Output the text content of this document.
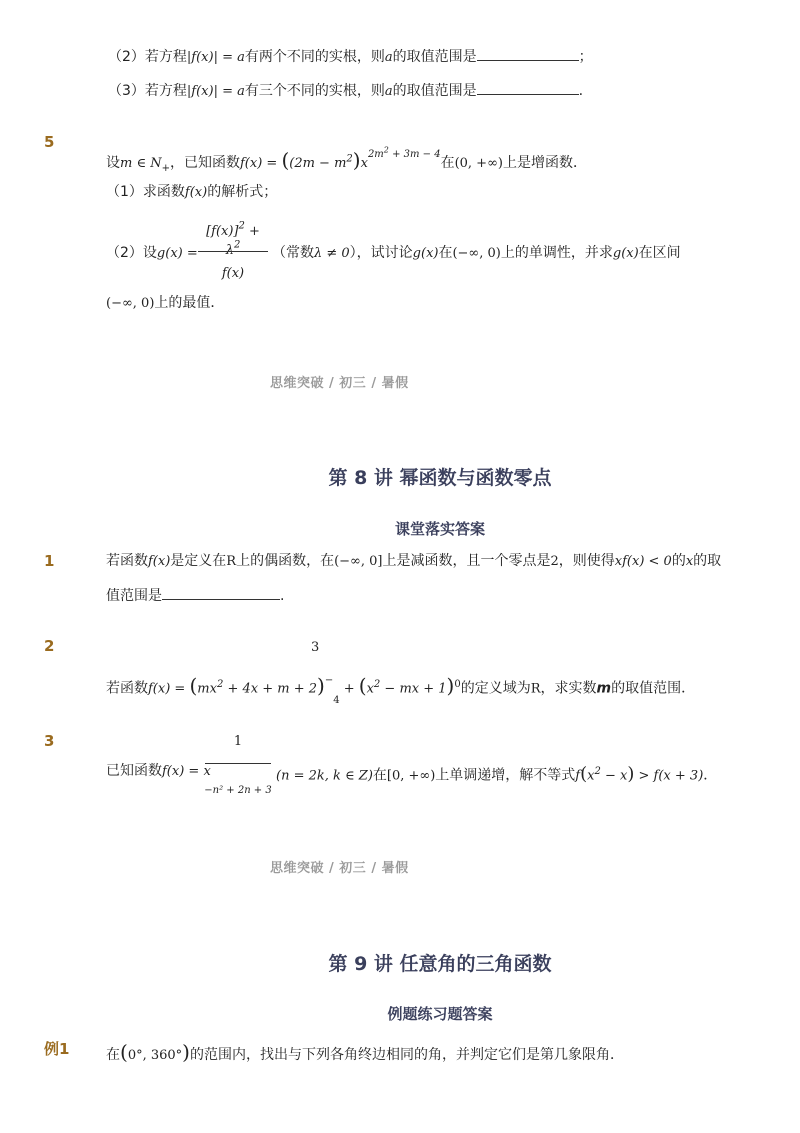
（2）若方程|f(x)| = a有两个不同的实根，则a的取值范围是	；
（3）若方程|f(x)| = a有三个不同的实根，则a的取值范围是	.
5
设m ∈ $N_+$，已知函数$f(x) = ((2m - m^2)x^{2m^2 + 3m - 4}$在(0, +∞)上是增函数．
（1）求函数f(x)的解析式；
$[f(x)]^2 + \lambda^2$
f(x)
（2）设g(x) =	（常数λ ≠ 0），试讨论g(x)在(−∞, 0)上的单调性，并求g(x)在区间
(−∞, 0)上的最值．
思维突破 / 初三 / 暑假
第 8 讲 幂函数与函数零点
课堂落实答案
1	若函数f(x)是定义在R上的偶函数，在(−∞, 0]上是减函数，且一个零点是2，则使得xf(x) < 0的x的取
值范围是	.
2	3
若函数$f(x) = (mx^2 + 4x + m + 2)^-_4 + (x^2$ − mx + 1)$^0$的定义域为R，求实数m的取值范围．
3	1
−n² + 2n + 3
已知函数f(x) = x	(n = 2k, k ∈ Z)在[0, +∞)上单调递增，解不等式$f(x^2 - x) > f(x + 3)$．
思维突破 / 初三 / 暑假
第 9 讲 任意角的三角函数
例题练习题答案
例1	在(0°, 360°)的范围内，找出与下列各角终边相同的角，并判定它们是第几象限角．
